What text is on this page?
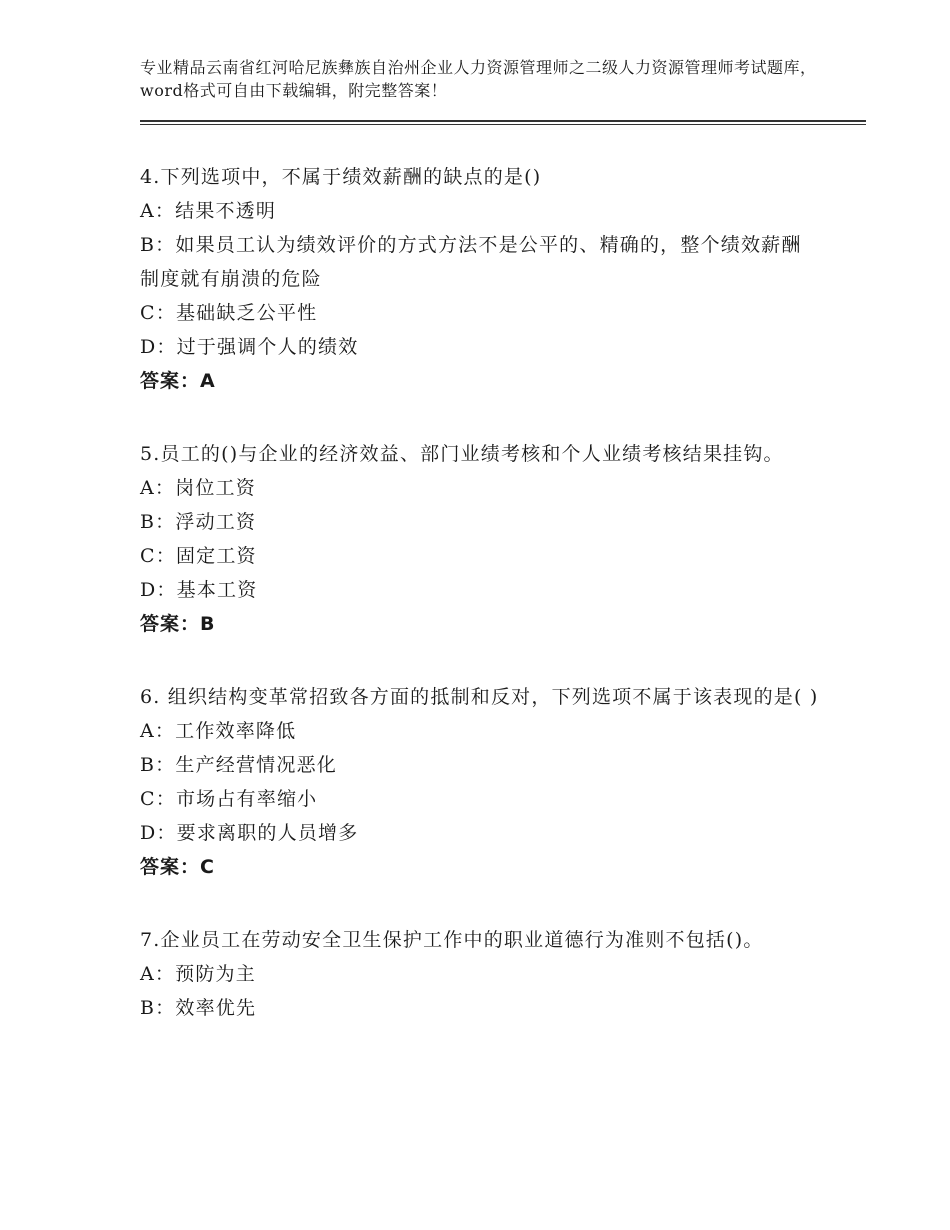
专业精品云南省红河哈尼族彝族自治州企业人力资源管理师之二级人力资源管理师考试题库，word格式可自由下载编辑，附完整答案！
4.下列选项中，不属于绩效薪酬的缺点的是()
A：结果不透明
B：如果员工认为绩效评价的方式方法不是公平的、精确的，整个绩效薪酬制度就有崩溃的危险
C：基础缺乏公平性
D：过于强调个人的绩效
答案：A
5.员工的()与企业的经济效益、部门业绩考核和个人业绩考核结果挂钩。
A：岗位工资
B：浮动工资
C：固定工资
D：基本工资
答案：B
6. 组织结构变革常招致各方面的抵制和反对，下列选项不属于该表现的是( )
A：工作效率降低
B：生产经营情况恶化
C：市场占有率缩小
D：要求离职的人员增多
答案：C
7.企业员工在劳动安全卫生保护工作中的职业道德行为准则不包括()。
A：预防为主
B：效率优先
